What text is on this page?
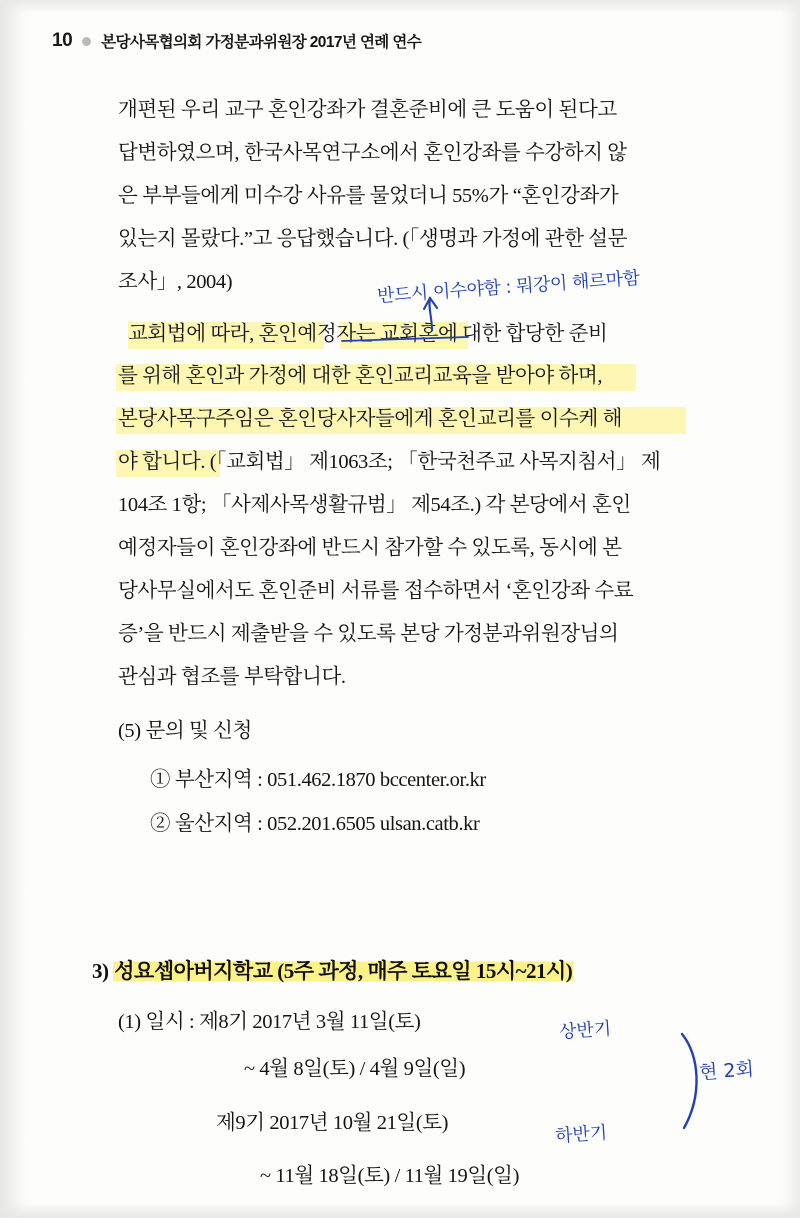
10 본당사목협의회 가정분과위원장 2017년 연례 연수
개편된 우리 교구 혼인강좌가 결혼준비에 큰 도움이 된다고
답변하였으며, 한국사목연구소에서 혼인강좌를 수강하지 않
은 부부들에게 미수강 사유를 물었더니 55%가 “혼인강좌가
있는지 몰랐다.”고 응답했습니다. (「생명과 가정에 관한 설문
조사」, 2004)
교회법에 따라, 혼인예정자는 교회혼에 대한 합당한 준비
를 위해 혼인과 가정에 대한 혼인교리교육을 받아야 하며,
본당사목구주임은 혼인당사자들에게 혼인교리를 이수케 해
야 합니다. (「교회법」 제1063조; 「한국천주교 사목지침서」 제
104조 1항; 「사제사목생활규범」 제54조.) 각 본당에서 혼인
예정자들이 혼인강좌에 반드시 참가할 수 있도록, 동시에 본
당사무실에서도 혼인준비 서류를 접수하면서 ‘혼인강좌 수료
증’을 반드시 제출받을 수 있도록 본당 가정분과위원장님의
관심과 협조를 부탁합니다.
(5) 문의 및 신청
① 부산지역 : 051.462.1870 bccenter.or.kr
② 울산지역 : 052.201.6505 ulsan.catb.kr
3) 성요셉아버지학교 (5주 과정, 매주 토요일 15시~21시)
(1) 일시 : 제8기 2017년 3월 11일(토)
~ 4월 8일(토) / 4월 9일(일)
제9기 2017년 10월 21일(토)
~ 11월 18일(토) / 11월 19일(일)
반드시 이수야함 : 뭐강이 해르마함
상반기
하반기
현 2회
